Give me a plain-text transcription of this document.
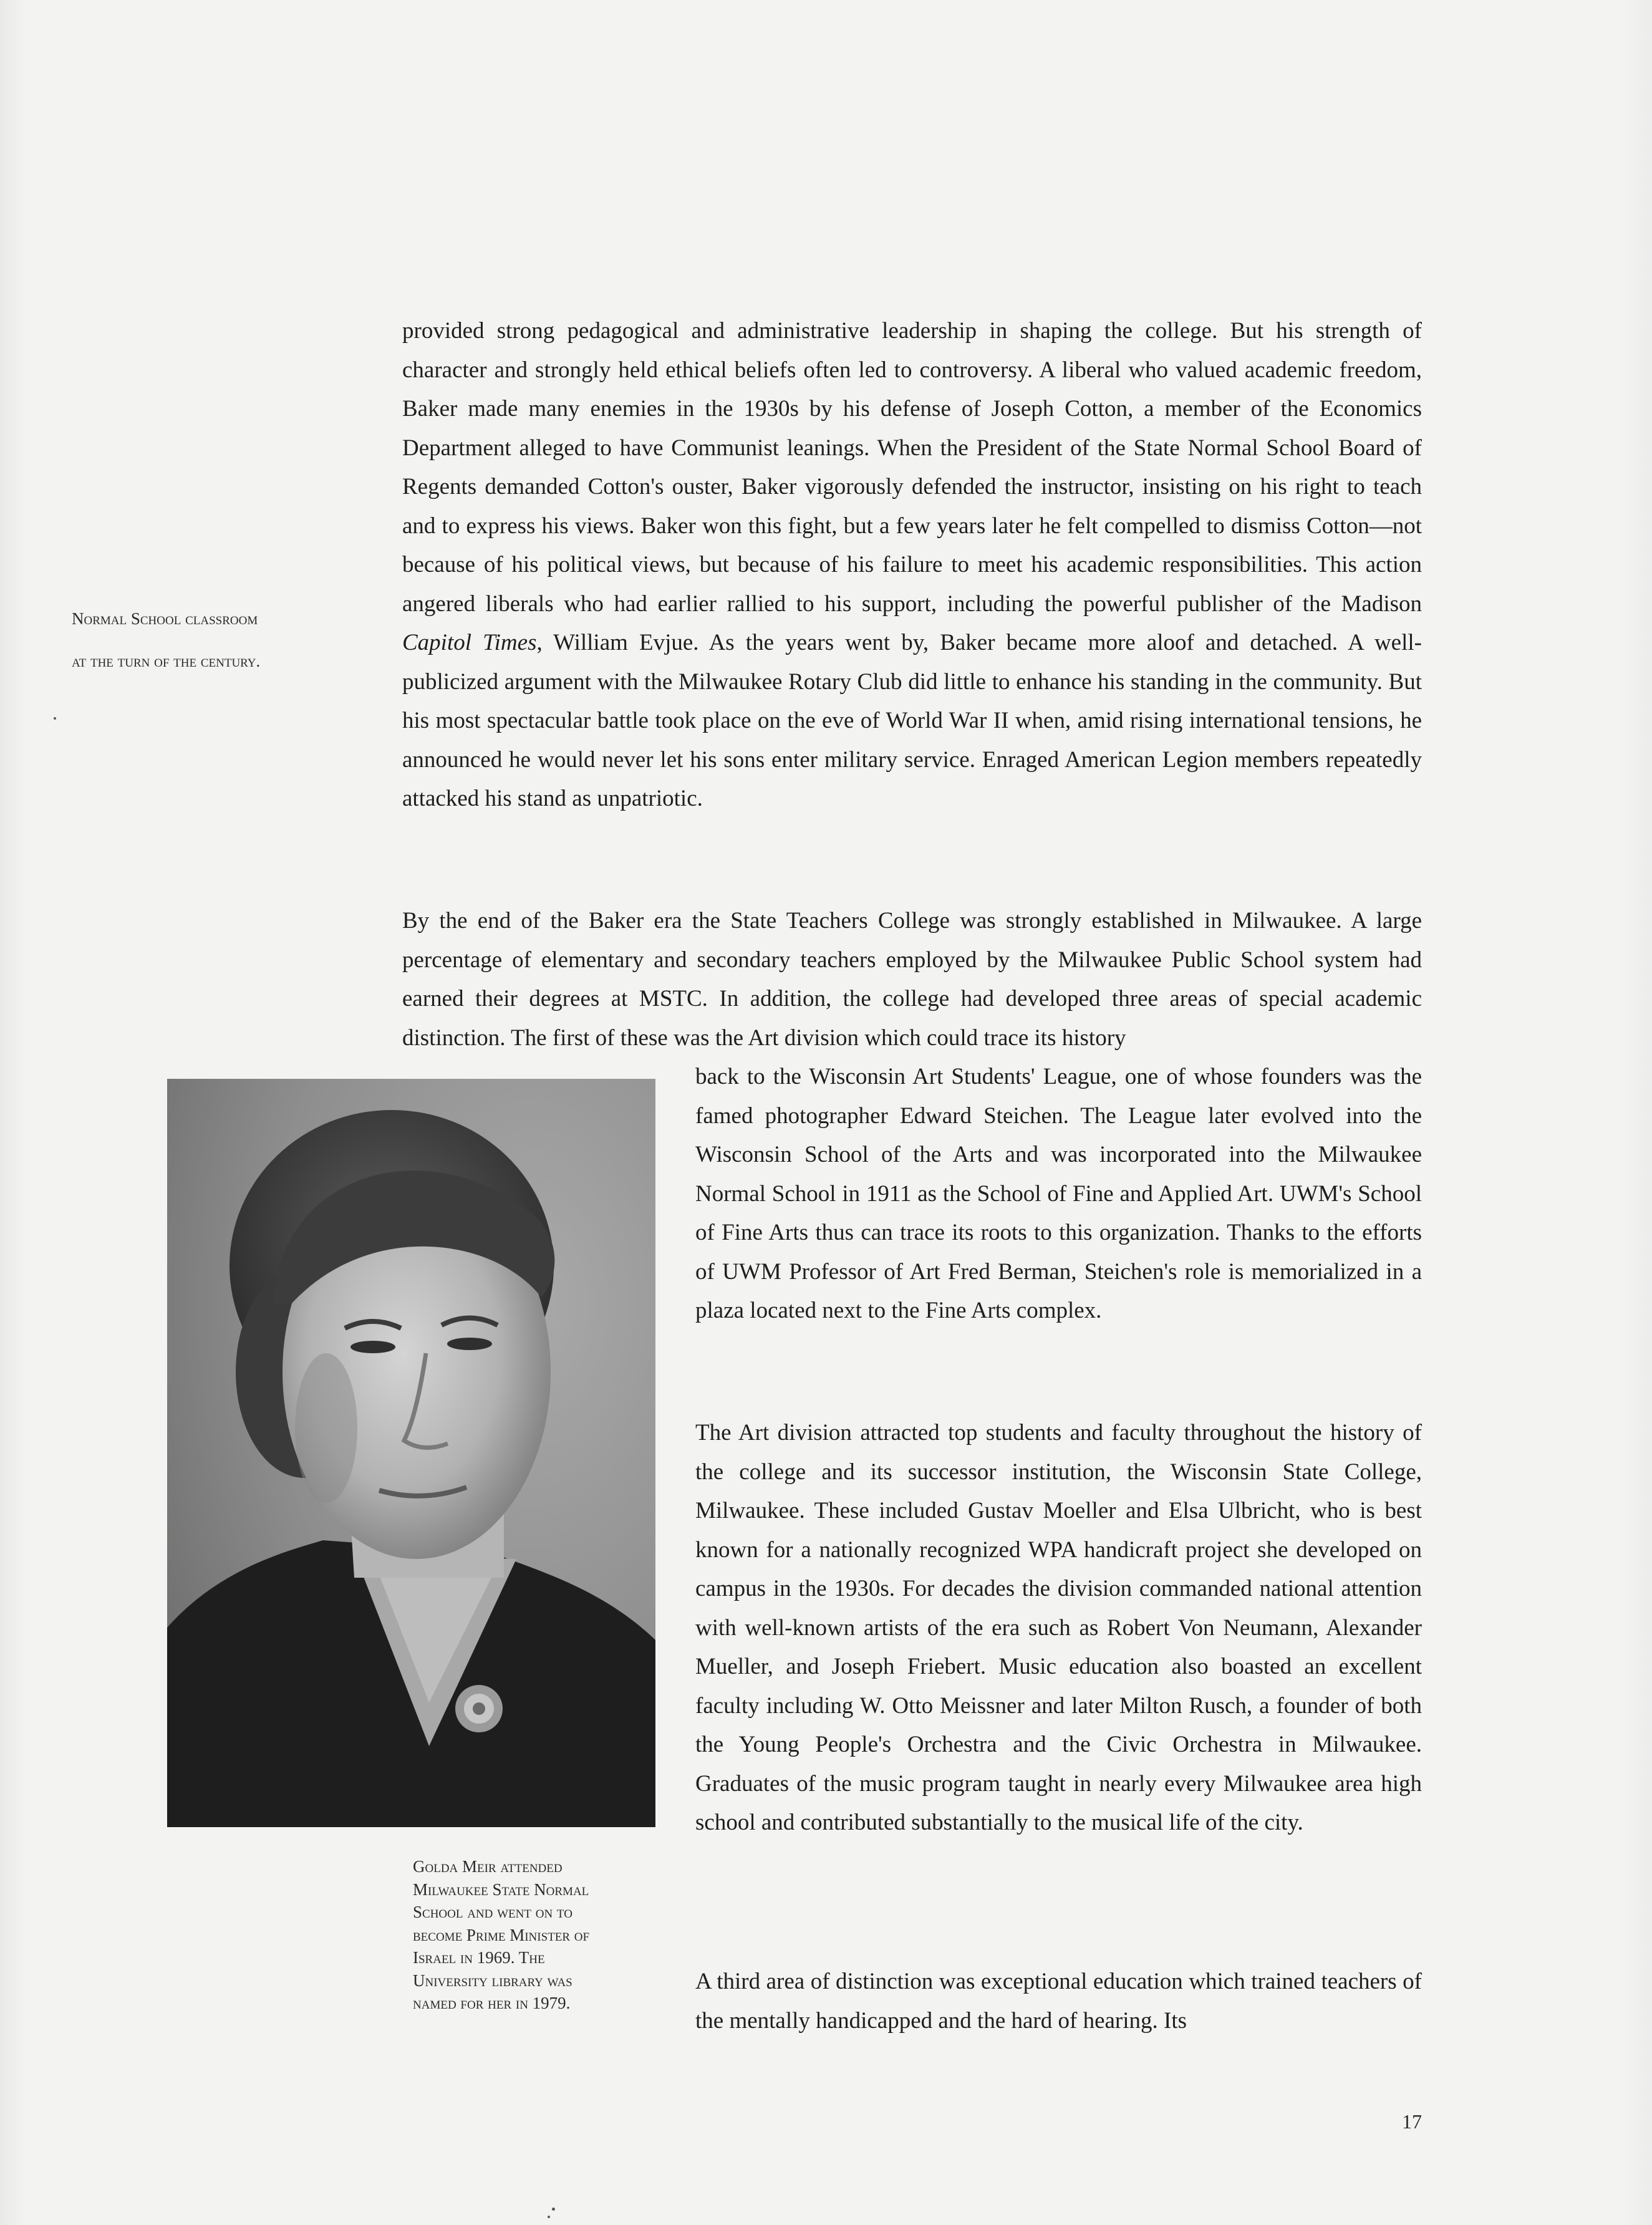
provided strong pedagogical and administrative leadership in shaping the college. But his strength of character and strongly held ethical beliefs often led to controversy. A liberal who valued academic freedom, Baker made many enemies in the 1930s by his defense of Joseph Cotton, a member of the Economics Department alleged to have Communist leanings. When the President of the State Normal School Board of Regents demanded Cotton's ouster, Baker vigorously defended the instructor, insisting on his right to teach and to express his views. Baker won this fight, but a few years later he felt compelled to dismiss Cotton—not because of his political views, but because of his failure to meet his academic responsibilities. This action angered liberals who had earlier rallied to his support, including the powerful publisher of the Madison Capitol Times, William Evjue. As the years went by, Baker became more aloof and detached. A well-publicized argument with the Milwaukee Rotary Club did little to enhance his standing in the community. But his most spectacular battle took place on the eve of World War II when, amid rising international tensions, he announced he would never let his sons enter military service. Enraged American Legion members repeatedly attacked his stand as unpatriotic.

Normal School classroom
at the turn of the century.

By the end of the Baker era the State Teachers College was strongly established in Milwaukee. A large percentage of elementary and secondary teachers employed by the Milwaukee Public School system had earned their degrees at MSTC. In addition, the college had developed three areas of special academic distinction. The first of these was the Art division which could trace its history

back to the Wisconsin Art Students' League, one of whose founders was the famed photographer Edward Steichen. The League later evolved into the Wisconsin School of the Arts and was incorporated into the Milwaukee Normal School in 1911 as the School of Fine and Applied Art. UWM's School of Fine Arts thus can trace its roots to this organization. Thanks to the efforts of UWM Professor of Art Fred Berman, Steichen's role is memorialized in a plaza located next to the Fine Arts complex.

The Art division attracted top students and faculty throughout the history of the college and its successor institution, the Wisconsin State College, Milwaukee. These included Gustav Moeller and Elsa Ulbricht, who is best known for a nationally recognized WPA handicraft project she developed on campus in the 1930s. For decades the division commanded national attention with well-known artists of the era such as Robert Von Neumann, Alexander Mueller, and Joseph Friebert. Music education also boasted an excellent faculty including W. Otto Meissner and later Milton Rusch, a founder of both the Young People's Orchestra and the Civic Orchestra in Milwaukee. Graduates of the music program taught in nearly every Milwaukee area high school and contributed substantially to the musical life of the city.

Golda Meir attended
Milwaukee State Normal
School and went on to
become Prime Minister of
Israel in 1969. The
University library was
named for her in 1979.

A third area of distinction was exceptional education which trained teachers of the mentally handicapped and the hard of hearing. Its

17
